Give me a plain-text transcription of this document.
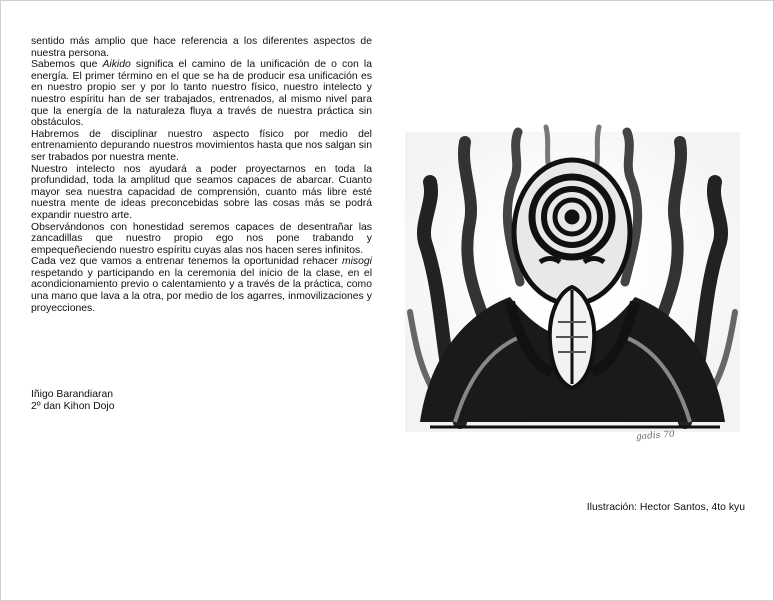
sentido más amplio que hace referencia a los diferentes aspectos de nuestra persona.

Sabemos que Aikido significa el camino de la unificación de o con la energía. El primer término en el que se ha de producir esa unificación es en nuestro propio ser y por lo tanto nuestro físico, nuestro intelecto y nuestro espíritu han de ser trabajados, entrenados, al mismo nivel para que la energía de la naturaleza fluya a través de nuestra práctica sin obstáculos.

Habremos de disciplinar nuestro aspecto físico por medio del entrenamiento depurando nuestros movimientos hasta que nos salgan sin ser trabados por nuestra mente.

Nuestro intelecto nos ayudará a poder proyectarnos en toda la profundidad, toda la amplitud que seamos capaces de abarcar. Cuanto mayor sea nuestra capacidad de comprensión, cuanto más libre esté nuestra mente de ideas preconcebidas sobre las cosas más se podrá expandir nuestro arte.

Observándonos con honestidad seremos capaces de desentrañar las zancadillas que nuestro propio ego nos pone trabando y empequeñeciendo nuestro espíritu cuyas alas nos hacen seres infinitos.

Cada vez que vamos a entrenar tenemos la oportunidad rehacer misogi respetando y participando en la ceremonia del inicio de la clase, en el acondicionamiento previo o calentamiento y a través de la práctica, como una mano que lava a la otra, por medio de los agarres, inmovilizaciones y proyecciones.

Iñigo Barandiaran
2º dan Kihon Dojo
gadis 70
Ilustración: Hector Santos, 4to kyu
